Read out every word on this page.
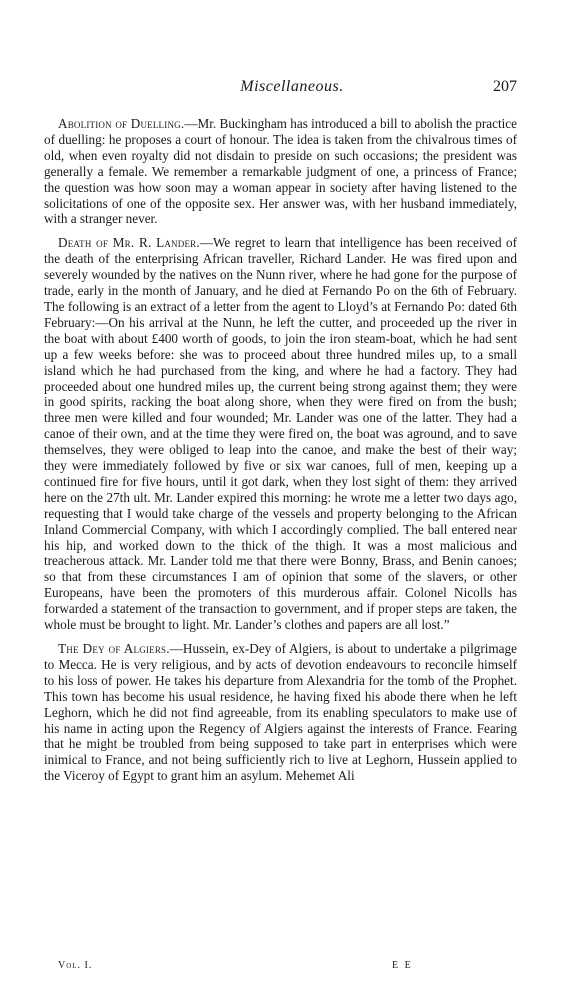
Miscellaneous.	207

Abolition of Duelling.—Mr. Buckingham has introduced a bill to abolish the practice of duelling: he proposes a court of honour. The idea is taken from the chivalrous times of old, when even royalty did not disdain to preside on such occasions; the president was generally a female. We remember a remarkable judgment of one, a princess of France; the question was how soon may a woman appear in society after having listened to the solicitations of one of the opposite sex. Her answer was, with her husband immediately, with a stranger never.

Death of Mr. R. Lander.—We regret to learn that intelligence has been received of the death of the enterprising African traveller, Richard Lander. He was fired upon and severely wounded by the natives on the Nunn river, where he had gone for the purpose of trade, early in the month of January, and he died at Fernando Po on the 6th of February. The following is an extract of a letter from the agent to Lloyd’s at Fernando Po: dated 6th February:—On his arrival at the Nunn, he left the cutter, and proceeded up the river in the boat with about £400 worth of goods, to join the iron steam-boat, which he had sent up a few weeks before: she was to proceed about three hundred miles up, to a small island which he had purchased from the king, and where he had a factory. They had proceeded about one hundred miles up, the current being strong against them; they were in good spirits, racking the boat along shore, when they were fired on from the bush; three men were killed and four wounded; Mr. Lander was one of the latter. They had a canoe of their own, and at the time they were fired on, the boat was aground, and to save themselves, they were obliged to leap into the canoe, and make the best of their way; they were immediately followed by five or six war canoes, full of men, keeping up a continued fire for five hours, until it got dark, when they lost sight of them: they arrived here on the 27th ult. Mr. Lander expired this morning: he wrote me a letter two days ago, requesting that I would take charge of the vessels and property belonging to the African Inland Commercial Company, with which I accordingly complied. The ball entered near his hip, and worked down to the thick of the thigh. It was a most malicious and treacherous attack. Mr. Lander told me that there were Bonny, Brass, and Benin canoes; so that from these circumstances I am of opinion that some of the slavers, or other Europeans, have been the promoters of this murderous affair. Colonel Nicolls has forwarded a statement of the transaction to government, and if proper steps are taken, the whole must be brought to light. Mr. Lander’s clothes and papers are all lost.”

The Dey of Algiers.—Hussein, ex-Dey of Algiers, is about to undertake a pilgrimage to Mecca. He is very religious, and by acts of devotion endeavours to reconcile himself to his loss of power. He takes his departure from Alexandria for the tomb of the Prophet. This town has become his usual residence, he having fixed his abode there when he left Leghorn, which he did not find agreeable, from its enabling speculators to make use of his name in acting upon the Regency of Algiers against the interests of France. Fearing that he might be troubled from being supposed to take part in enterprises which were inimical to France, and not being sufficiently rich to live at Leghorn, Hussein applied to the Viceroy of Egypt to grant him an asylum. Mehemet Ali

Vol. I.	E E
